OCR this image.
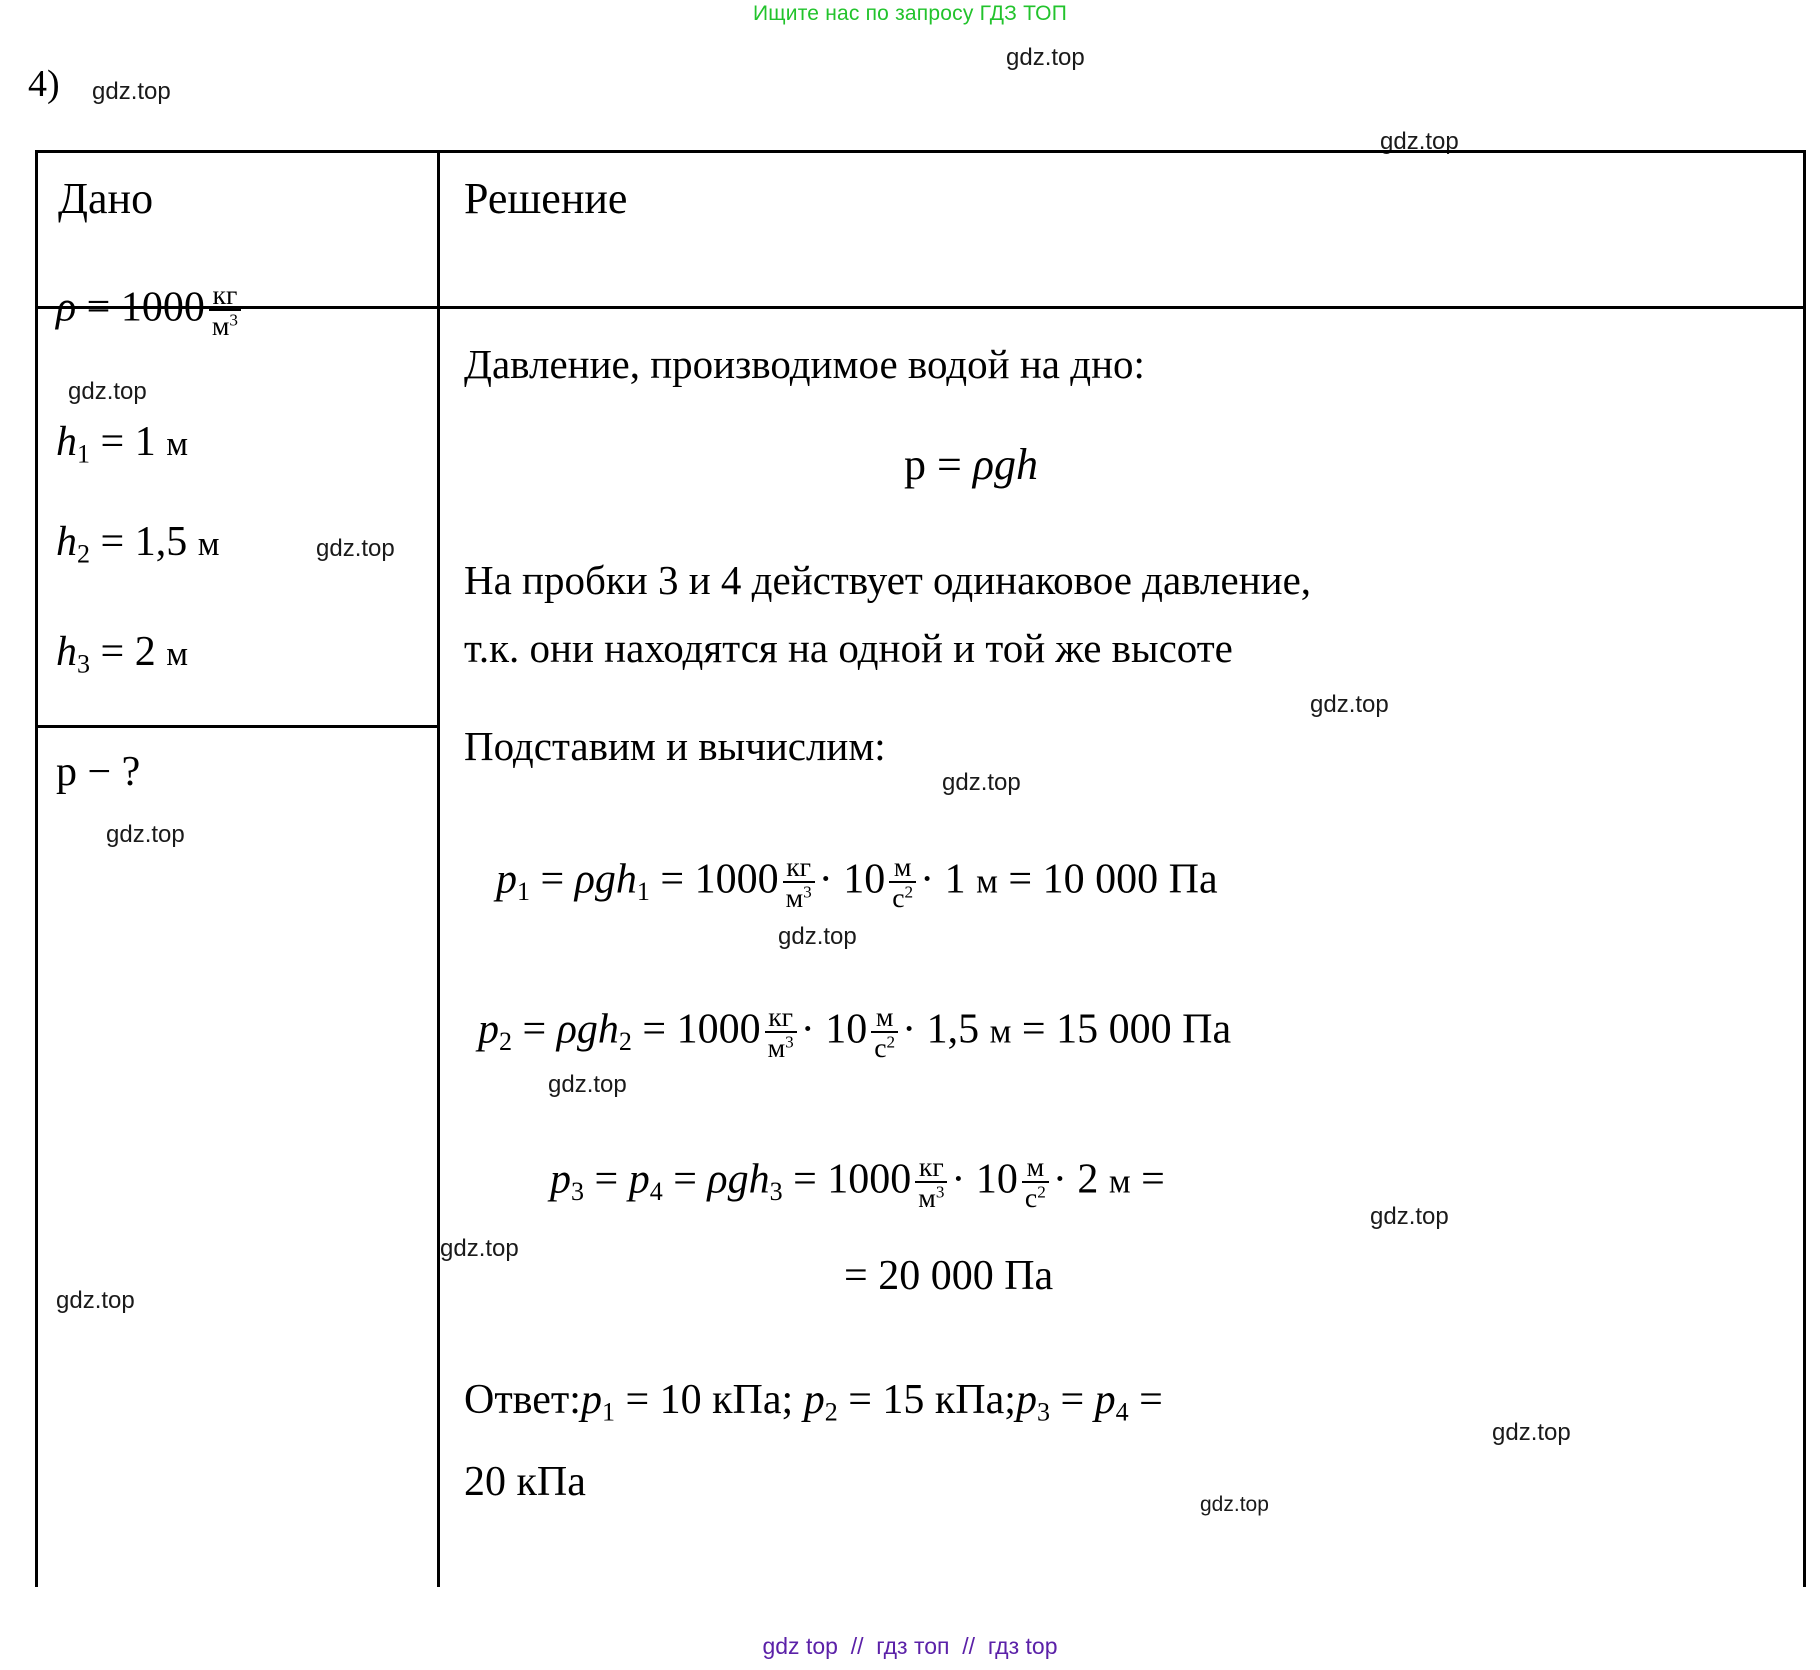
Ищите нас по запросу ГДЗ ТОП
gdz.top
gdz.top
4) gdz.top
Дано
$\rho = 1000 \frac{кг}{м^3}$
gdz.top
$h_1 = 1$ м
$h_2 = 1,5$ м	gdz.top
$h_3 = 2$ м
p − ?
gdz.top
gdz.top
Решение
Давление, производимое водой на дно:
p = ρgh
На пробки 3 и 4 действует одинаковое давление,
т.к. они находятся на одной и той же высоте
gdz.top
Подставим и вычислим:
gdz.top
$p_1 = \rho gh_1 = 1000 \frac{кг}{м^3} \cdot 10 \frac{м}{с^2} \cdot 1$ м = 10 000 Па
gdz.top
$p_2 = \rho gh_2 = 1000 \frac{кг}{м^3} \cdot 10 \frac{м}{с^2} \cdot 1,5$ м = 15 000 Па
gdz.top
$p_3 = p_4 = \rho gh_3 = 1000 \frac{кг}{м^3} \cdot 10 \frac{м}{с^2} \cdot 2$ м =
= 20 000 Па
gdz.top
gdz.top
$Ответ:p_1 = 10$ кПа; $p_2 = 15$ $кПа;p_3 = p_4$ =
20 кПа
gdz.top
gdz.top
gdz top  //  гдз топ  //  гдз top
